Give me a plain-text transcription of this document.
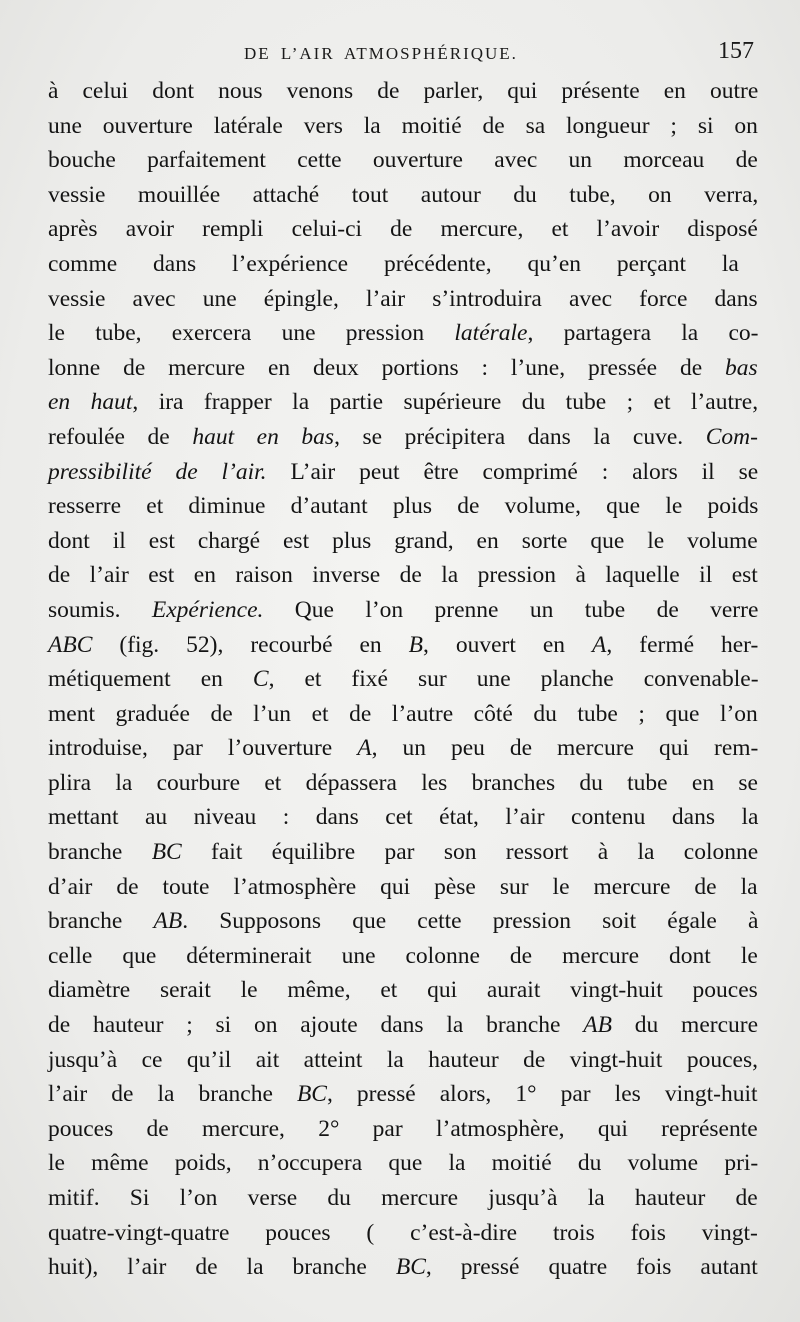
DE L’AIR ATMOSPHÉRIQUE.	157
à celui dont nous venons de parler, qui présente en outre
une ouverture latérale vers la moitié de sa longueur ; si on
bouche parfaitement cette ouverture avec un morceau de
vessie mouillée attaché tout autour du tube, on verra,
après avoir rempli celui-ci de mercure, et l’avoir disposé
comme dans l’expérience précédente, qu’en perçant la
vessie avec une épingle, l’air s’introduira avec force dans
le tube, exercera une pression latérale, partagera la co-
lonne de mercure en deux portions : l’une, pressée de bas
en haut, ira frapper la partie supérieure du tube ; et l’autre,
refoulée de haut en bas, se précipitera dans la cuve. Com-
pressibilité de l’air. L’air peut être comprimé : alors il se
resserre et diminue d’autant plus de volume, que le poids
dont il est chargé est plus grand, en sorte que le volume
de l’air est en raison inverse de la pression à laquelle il est
soumis. Expérience. Que l’on prenne un tube de verre
ABC (fig. 52), recourbé en B, ouvert en A, fermé her-
métiquement en C, et fixé sur une planche convenable-
ment graduée de l’un et de l’autre côté du tube ; que l’on
introduise, par l’ouverture A, un peu de mercure qui rem-
plira la courbure et dépassera les branches du tube en se
mettant au niveau : dans cet état, l’air contenu dans la
branche BC fait équilibre par son ressort à la colonne
d’air de toute l’atmosphère qui pèse sur le mercure de la
branche AB. Supposons que cette pression soit égale à
celle que déterminerait une colonne de mercure dont le
diamètre serait le même, et qui aurait vingt-huit pouces
de hauteur ; si on ajoute dans la branche AB du mercure
jusqu’à ce qu’il ait atteint la hauteur de vingt-huit pouces,
l’air de la branche BC, pressé alors, 1° par les vingt-huit
pouces de mercure, 2° par l’atmosphère, qui représente
le même poids, n’occupera que la moitié du volume pri-
mitif. Si l’on verse du mercure jusqu’à la hauteur de
quatre-vingt-quatre pouces ( c’est-à-dire trois fois vingt-
huit), l’air de la branche BC, pressé quatre fois autant
